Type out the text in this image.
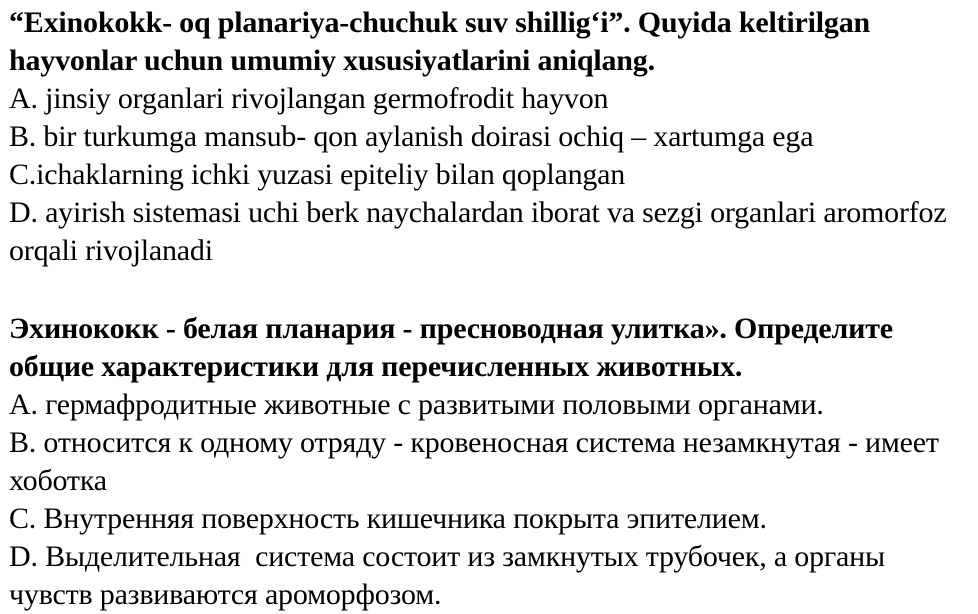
“Exinokokk- oq planariya-chuchuk suv shillig‘i”. Quyida keltirilgan
hayvonlar uchun umumiy xususiyatlarini aniqlang.
A. jinsiy organlari rivojlangan germofrodit hayvon
B. bir turkumga mansub- qon aylanish doirasi ochiq – xartumga ega
C.ichaklarning ichki yuzasi epiteliy bilan qoplangan
D. ayirish sistemasi uchi berk naychalardan iborat va sezgi organlari aromorfoz
orqali rivojlanadi
Эхинококк - белая планария - пресноводная улитка». Определите
общие характеристики для перечисленных животных.
А. гермафродитные животные с развитыми половыми органами.
В. относится к одному отряду - кровеносная система незамкнутая - имеет
хоботка
С. Внутренняя поверхность кишечника покрыта эпителием.
D. Выделительная  система состоит из замкнутых трубочек, а органы
чувств развиваются ароморфозом.
